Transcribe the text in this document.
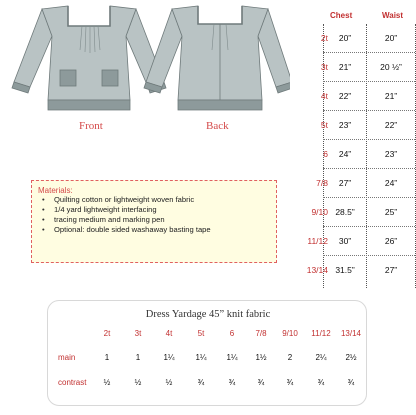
Front	Back
Chest	Waist
2t	20”	20”
3t	21”	20 ½”
4t	22”	21”
5t	23”	22”
6	24”	23”
7/8	27”	24”
9/10 28.5”	25”
11/12	30”	26”
13/14 31.5”	27”
Materials:
• Quilting cotton or lightweight woven fabric
• 1/4 yard lightweight interfacing
• tracing medium and marking pen
• Optional: double sided washaway basting tape
Dress Yardage 45” knit fabric
2t	3t	4t	5t	6	7/8	9/10	11/12	13/14
main	1	1	1¼	1¼	1¼	1½	2	2¼	2½
contrast	½	½	½	¾	¾	¾	¾	¾	¾
